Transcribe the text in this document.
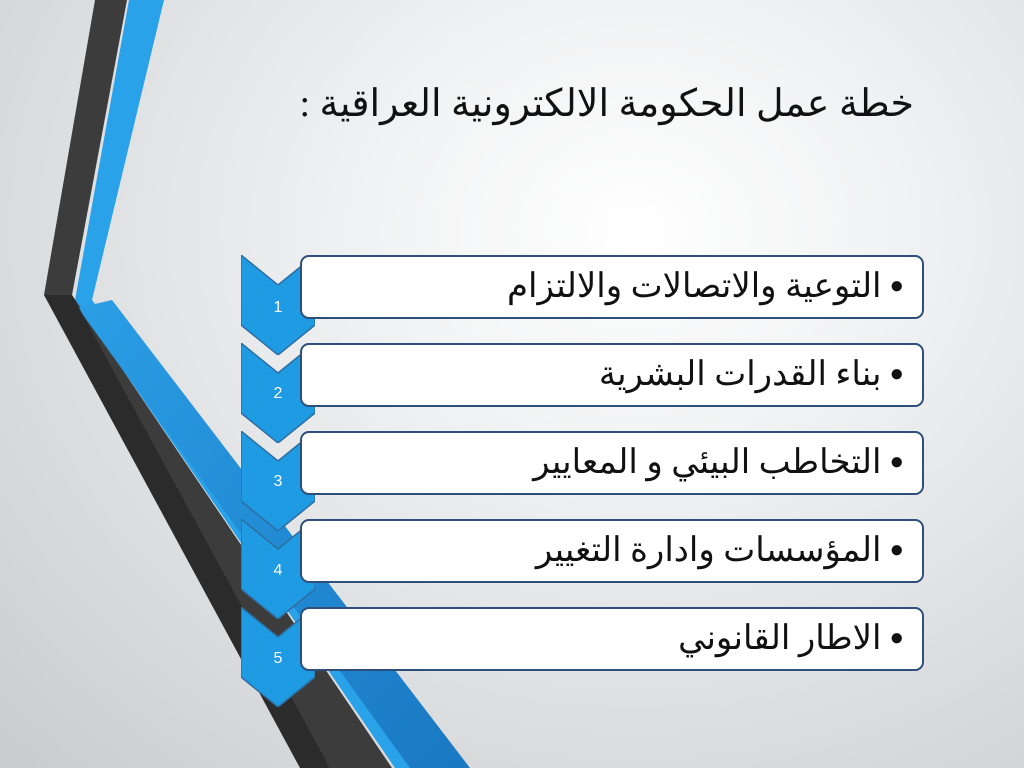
خطة عمل الحكومة الالكترونية العراقية :
1
●التوعية والاتصالات والالتزام
2
●بناء القدرات البشرية
3
●التخاطب البيئي و المعايير
4
●المؤسسات وادارة التغيير
5
●الاطار القانوني
